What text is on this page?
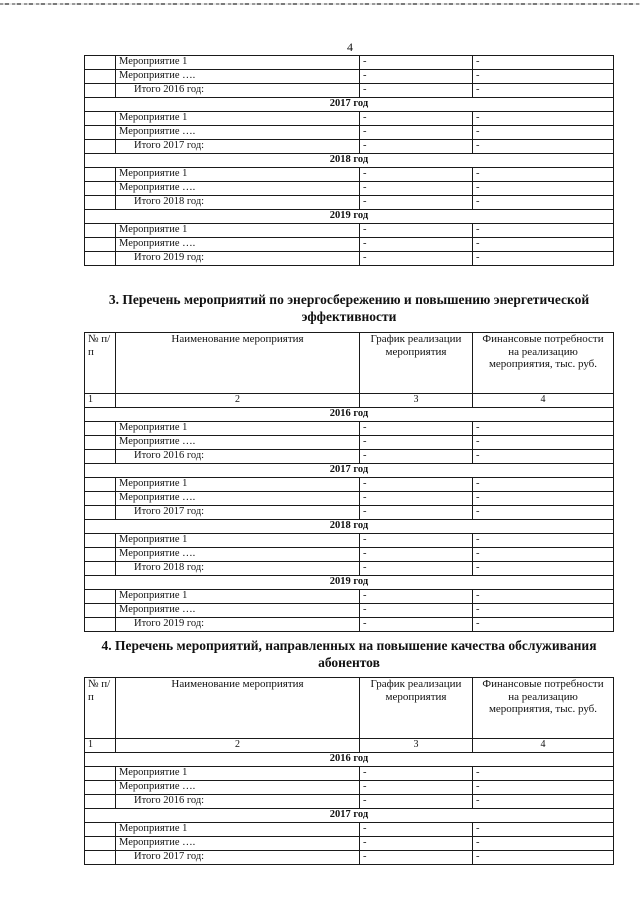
4
	Мероприятие 1	-	-
	Мероприятие ….	-	-
	Итого 2016 год:	-	-
2017 год			
	Мероприятие 1	-	-
	Мероприятие ….	-	-
	Итого 2017 год:	-	-
2018 год			
	Мероприятие 1	-	-
	Мероприятие ….	-	-
	Итого 2018 год:	-	-
2019 год			
	Мероприятие 1	-	-
	Мероприятие ….	-	-
	Итого 2019 год:	-	-
3. Перечень мероприятий по энергосбережению и повышению энергетической эффективности
№ п/п	Наименование мероприятия	График реализации мероприятия	Финансовые потребности на реализацию мероприятия, тыс. руб.
1	2	3	4
2016 год			
	Мероприятие 1	-	-
	Мероприятие ….	-	-
	Итого 2016 год:	-	-
2017 год			
	Мероприятие 1	-	-
	Мероприятие ….	-	-
	Итого 2017 год:	-	-
2018 год			
	Мероприятие 1	-	-
	Мероприятие ….	-	-
	Итого 2018 год:	-	-
2019 год			
	Мероприятие 1	-	-
	Мероприятие ….	-	-
	Итого 2019 год:	-	-
4. Перечень мероприятий, направленных на повышение качества обслуживания абонентов
№ п/п	Наименование мероприятия	График реализации мероприятия	Финансовые потребности на реализацию мероприятия, тыс. руб.
1	2	3	4
2016 год			
	Мероприятие 1	-	-
	Мероприятие ….	-	-
	Итого 2016 год:	-	-
2017 год			
	Мероприятие 1	-	-
	Мероприятие ….	-	-
	Итого 2017 год:	-	-
